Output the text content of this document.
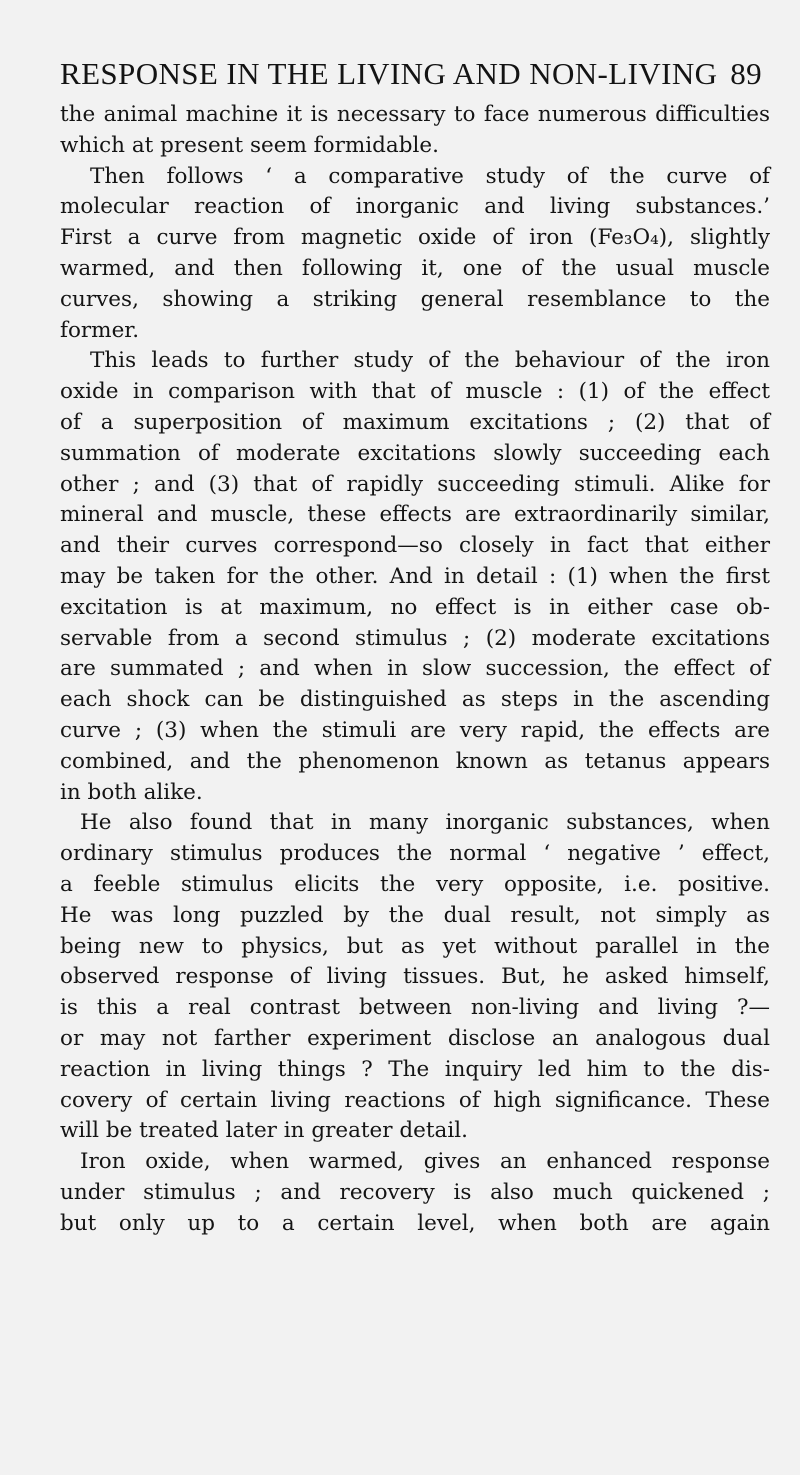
RESPONSE IN THE LIVING AND NON-LIVING 89
the animal machine it is necessary to face numerous difficulties
which at present seem formidable.
Then follows ‘ a comparative study of the curve of
molecular reaction of inorganic and living substances.’
First a curve from magnetic oxide of iron (Fe₃O₄), slightly
warmed, and then following it, one of the usual muscle
curves, showing a striking general resemblance to the
former.
This leads to further study of the behaviour of the iron
oxide in comparison with that of muscle : (1) of the effect
of a superposition of maximum excitations ; (2) that of
summation of moderate excitations slowly succeeding each
other ; and (3) that of rapidly succeeding stimuli. Alike for
mineral and muscle, these effects are extraordinarily similar,
and their curves correspond—so closely in fact that either
may be taken for the other. And in detail : (1) when the first
excitation is at maximum, no effect is in either case ob-
servable from a second stimulus ; (2) moderate excitations
are summated ; and when in slow succession, the effect of
each shock can be distinguished as steps in the ascending
curve ; (3) when the stimuli are very rapid, the effects are
combined, and the phenomenon known as tetanus appears
in both alike.
He also found that in many inorganic substances, when
ordinary stimulus produces the normal ‘ negative ’ effect,
a feeble stimulus elicits the very opposite, i.e. positive.
He was long puzzled by the dual result, not simply as
being new to physics, but as yet without parallel in the
observed response of living tissues. But, he asked himself,
is this a real contrast between non-living and living ?—
or may not farther experiment disclose an analogous dual
reaction in living things ? The inquiry led him to the dis-
covery of certain living reactions of high significance. These
will be treated later in greater detail.
Iron oxide, when warmed, gives an enhanced response
under stimulus ; and recovery is also much quickened ;
but only up to a certain level, when both are again
